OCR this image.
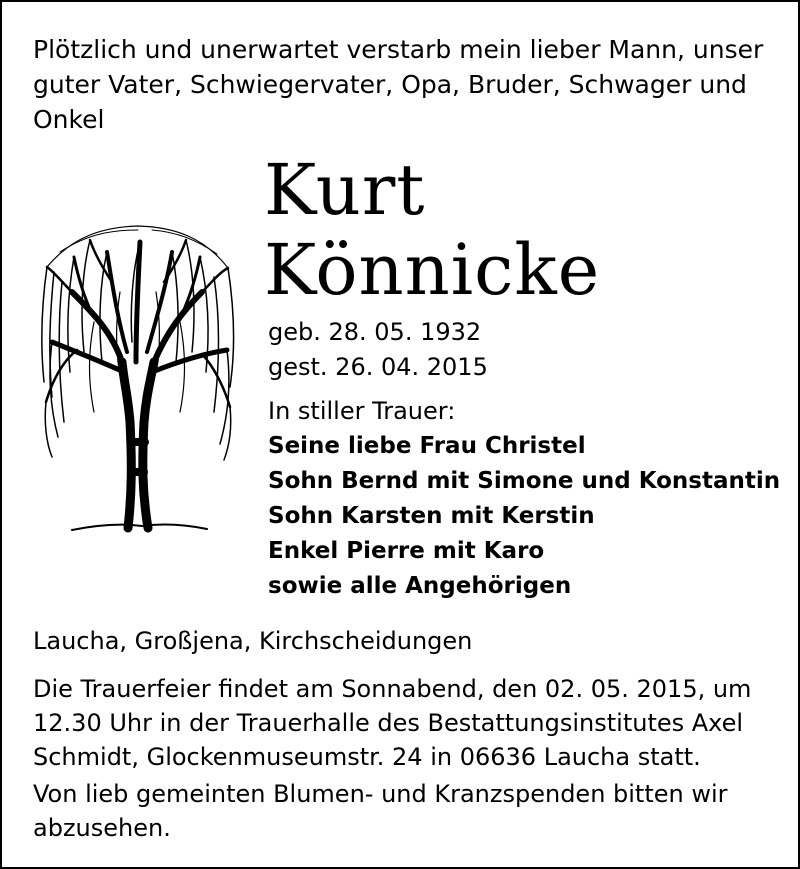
Plötzlich und unerwartet verstarb mein lieber Mann, unser
guter Vater, Schwiegervater, Opa, Bruder, Schwager und
Onkel
Kurt
Könnicke
geb. 28. 05. 1932
gest. 26. 04. 2015
In stiller Trauer:
Seine liebe Frau Christel
Sohn Bernd mit Simone und Konstantin
Sohn Karsten mit Kerstin
Enkel Pierre mit Karo
sowie alle Angehörigen
Laucha, Großjena, Kirchscheidungen
Die Trauerfeier findet am Sonnabend, den 02. 05. 2015, um
12.30 Uhr in der Trauerhalle des Bestattungsinstitutes Axel
Schmidt, Glockenmuseumstr. 24 in 06636 Laucha statt.
Von lieb gemeinten Blumen- und Kranzspenden bitten wir
abzusehen.
